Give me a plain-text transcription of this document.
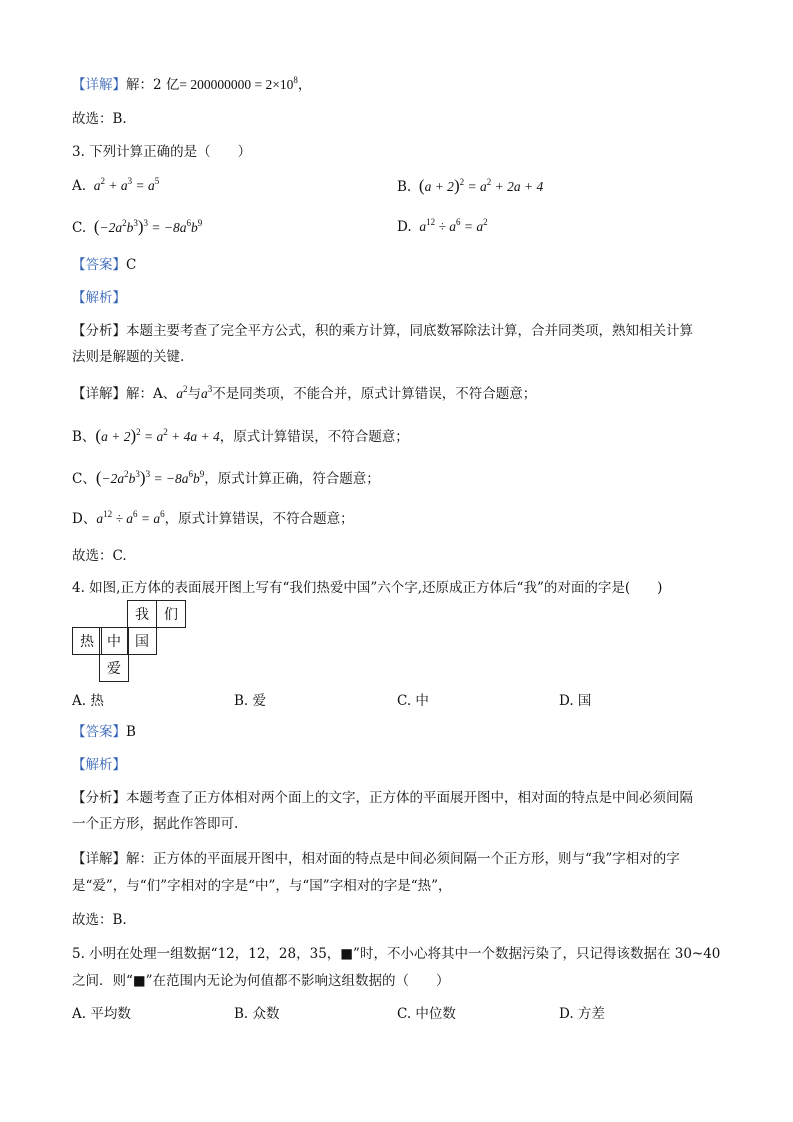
【详解】解：2 亿= $200000000 = 2\times 10^8$，
故选：B.
3. 下列计算正确的是（　　）
A.  $a^2 + a^3 = a^5$	B. $(a + 2)^2 = a^2 + 2a + 4$
C. $(-2a^2b^3)^3 = -8a^6b^9$	D.  $a^{12} \div a^6 = a^2$
【答案】C
【解析】
【分析】本题主要考查了完全平方公式，积的乘方计算，同底数幂除法计算，合并同类项，熟知相关计算
法则是解题的关键.
【详解】解：A、$a^2$与$a^3$不是同类项，不能合并，原式计算错误，不符合题意；
B、$(a + 2)^2 = a^2 + 4a + 4$，原式计算错误，不符合题意；
C、$(-2a^2b^3)^3 = -8a^6b^9$，原式计算正确，符合题意；
D、$a^{12} \div a^6 = a^6$，原式计算错误，不符合题意；
故选：C.
4. 如图,正方体的表面展开图上写有“我们热爱中国”六个字,还原成正方体后“我”的对面的字是(　　)
我	们
热 中	国
爱
A. 热	B. 爱	C. 中	D. 国
【答案】B
【解析】
【分析】本题考查了正方体相对两个面上的文字，正方体的平面展开图中，相对面的特点是中间必须间隔
一个正方形，据此作答即可.
【详解】解：正方体的平面展开图中，相对面的特点是中间必须间隔一个正方形，则与“我”字相对的字
是“爱”，与“们”字相对的字是“中”，与“国”字相对的字是“热”，
故选：B.
5. 小明在处理一组数据“12，12，28，35，■”时，不小心将其中一个数据污染了，只记得该数据在 30~40
之间．则“■”在范围内无论为何值都不影响这组数据的（　　）
A. 平均数	B. 众数	C. 中位数	D. 方差
